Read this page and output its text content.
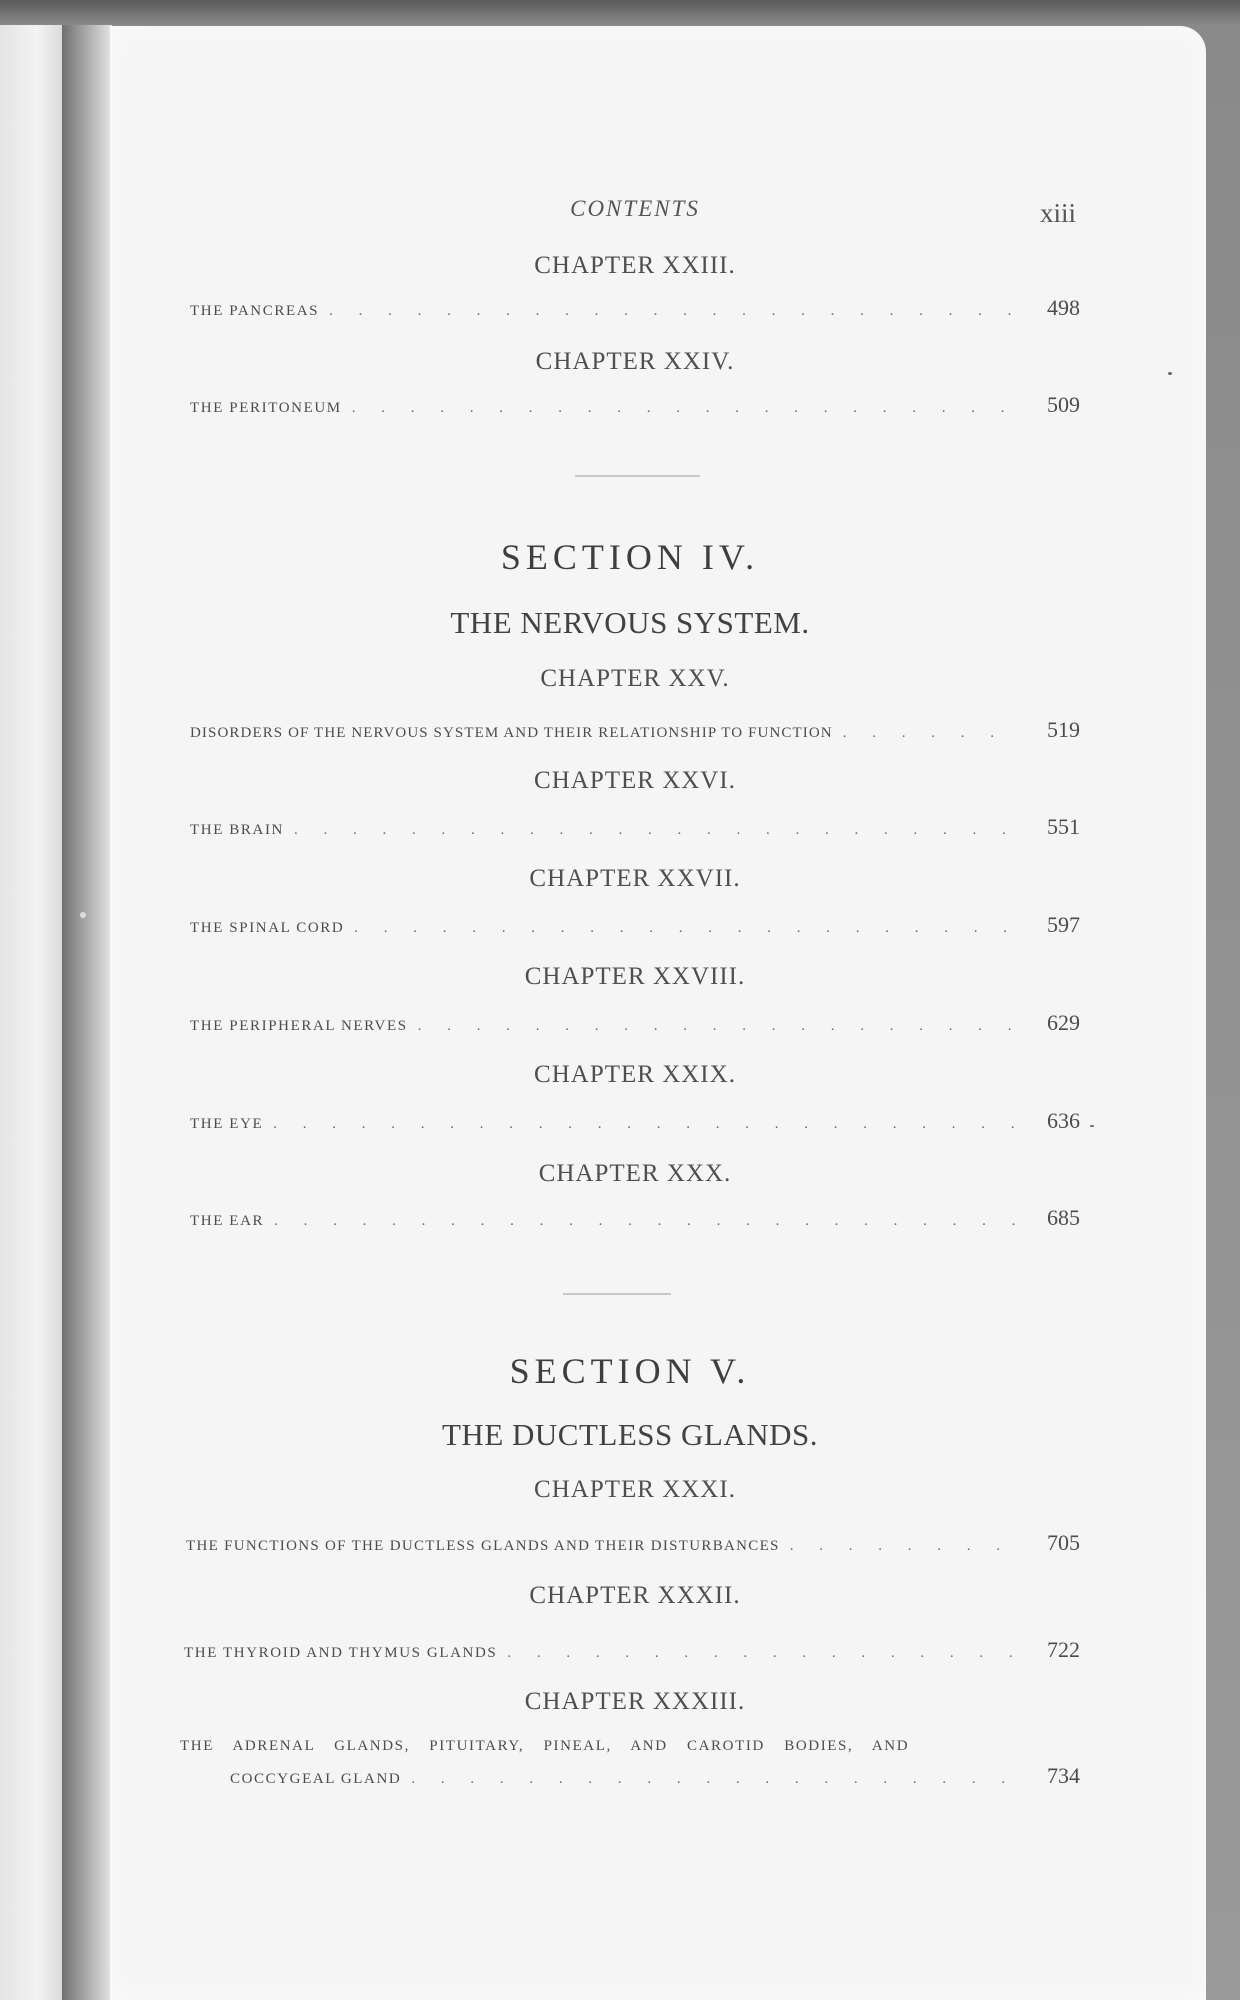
CONTENTS	xiii

CHAPTER XXIII.

THE PANCREAS . . .	498

CHAPTER XXIV.

THE PERITONEUM . . .	509

SECTION IV.

THE NERVOUS SYSTEM.

CHAPTER XXV.

DISORDERS OF THE NERVOUS SYSTEM AND THEIR RELATIONSHIP TO FUNCTION . . .	519

CHAPTER XXVI.

THE BRAIN . . .	551

CHAPTER XXVII.

THE SPINAL CORD . . .	597

CHAPTER XXVIII.

THE PERIPHERAL NERVES . . .	629

CHAPTER XXIX.

THE EYE . . .	636

CHAPTER XXX.

THE EAR . . .	685

SECTION V.

THE DUCTLESS GLANDS.

CHAPTER XXXI.

THE FUNCTIONS OF THE DUCTLESS GLANDS AND THEIR DISTURBANCES . . .	705

CHAPTER XXXII.

THE THYROID AND THYMUS GLANDS . . .	722

CHAPTER XXXIII.

THE ADRENAL GLANDS, PITUITARY, PINEAL, AND CAROTID BODIES, AND
COCCYGEAL GLAND . . .	734
